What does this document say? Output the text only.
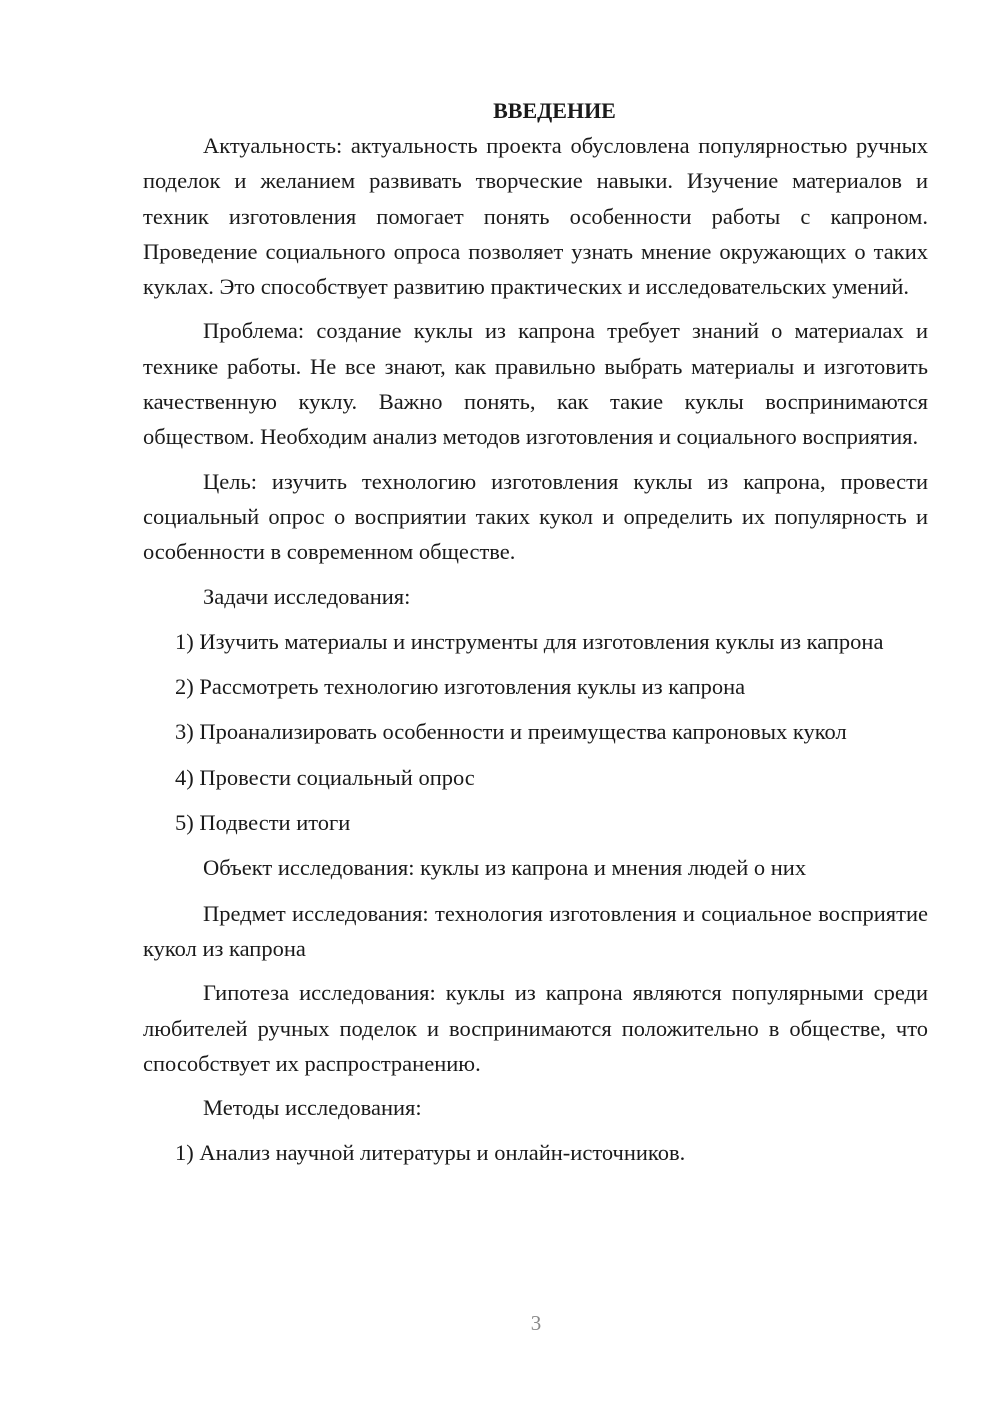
ВВЕДЕНИЕ

Актуальность: актуальность проекта обусловлена популярностью ручных поделок и желанием развивать творческие навыки. Изучение материалов и техник изготовления помогает понять особенности работы с капроном. Проведение социального опроса позволяет узнать мнение окружающих о таких куклах. Это способствует развитию практических и исследовательских умений.

Проблема: создание куклы из капрона требует знаний о материалах и технике работы. Не все знают, как правильно выбрать материалы и изготовить качественную куклу. Важно понять, как такие куклы воспринимаются обществом. Необходим анализ методов изготовления и социального восприятия.

Цель: изучить технологию изготовления куклы из капрона, провести социальный опрос о восприятии таких кукол и определить их популярность и особенности в современном обществе.

Задачи исследования:

1) Изучить материалы и инструменты для изготовления куклы из капрона

2) Рассмотреть технологию изготовления куклы из капрона

3) Проанализировать особенности и преимущества капроновых кукол

4) Провести социальный опрос

5) Подвести итоги

Объект исследования: куклы из капрона и мнения людей о них

Предмет исследования: технология изготовления и социальное восприятие кукол из капрона

Гипотеза исследования: куклы из капрона являются популярными среди любителей ручных поделок и воспринимаются положительно в обществе, что способствует их распространению.

Методы исследования:

1) Анализ научной литературы и онлайн-источников.

3
